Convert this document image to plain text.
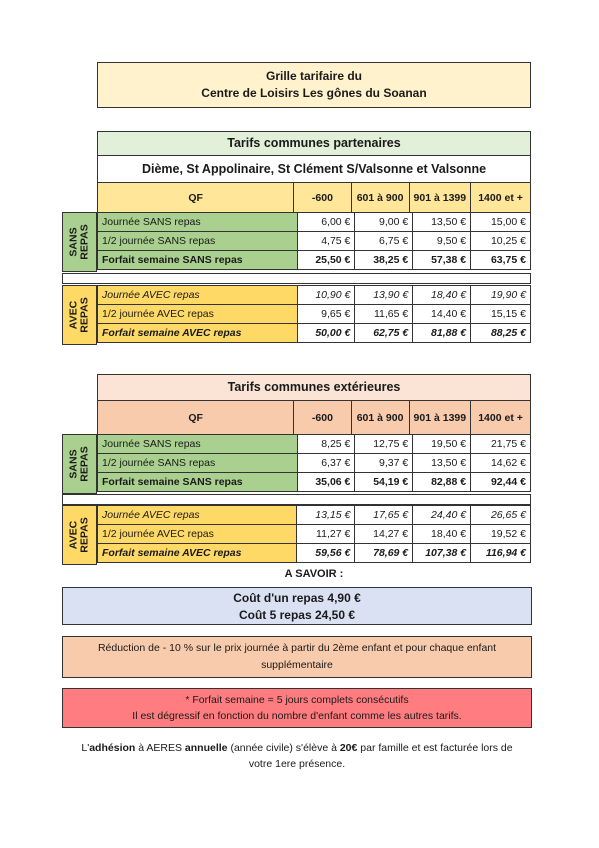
Grille tarifaire du
Centre de Loisirs Les gônes du Soanan
Tarifs communes partenaires
Dième, St Appolinaire, St Clément S/Valsonne et Valsonne
QF	-600	601 à 900	901 à 1399	1400 et +
SANS
REPAS
Journée SANS repas	6,00 €	9,00 €	13,50 €	15,00 €
1/2 journée SANS repas	4,75 €	6,75 €	9,50 €	10,25 €
Forfait semaine SANS repas	25,50 €	38,25 €	57,38 €	63,75 €
AVEC
REPAS
Journée AVEC repas	10,90 €	13,90 €	18,40 €	19,90 €
1/2 journée AVEC repas	9,65 €	11,65 €	14,40 €	15,15 €
Forfait semaine AVEC repas	50,00 €	62,75 €	81,88 €	88,25 €
Tarifs communes extérieures
QF	-600	601 à 900	901 à 1399	1400 et +
SANS
REPAS
Journée SANS repas	8,25 €	12,75 €	19,50 €	21,75 €
1/2 journée SANS repas	6,37 €	9,37 €	13,50 €	14,62 €
Forfait semaine SANS repas	35,06 €	54,19 €	82,88 €	92,44 €
AVEC
REPAS
Journée AVEC repas	13,15 €	17,65 €	24,40 €	26,65 €
1/2 journée AVEC repas	11,27 €	14,27 €	18,40 €	19,52 €
Forfait semaine AVEC repas	59,56 €	78,69 €	107,38 €	116,94 €
A SAVOIR :
Coût d'un repas 4,90 €
Coût 5 repas 24,50 €
Réduction de - 10 % sur le prix journée à partir du 2ème enfant et pour chaque enfant
supplémentaire
* Forfait semaine = 5 jours complets consécutifs
Il est dégressif en fonction du nombre d'enfant comme les autres tarifs.
L'adhésion à AERES annuelle (année civile) s'élève à 20€ par famille et est facturée lors de
votre 1ere présence.
